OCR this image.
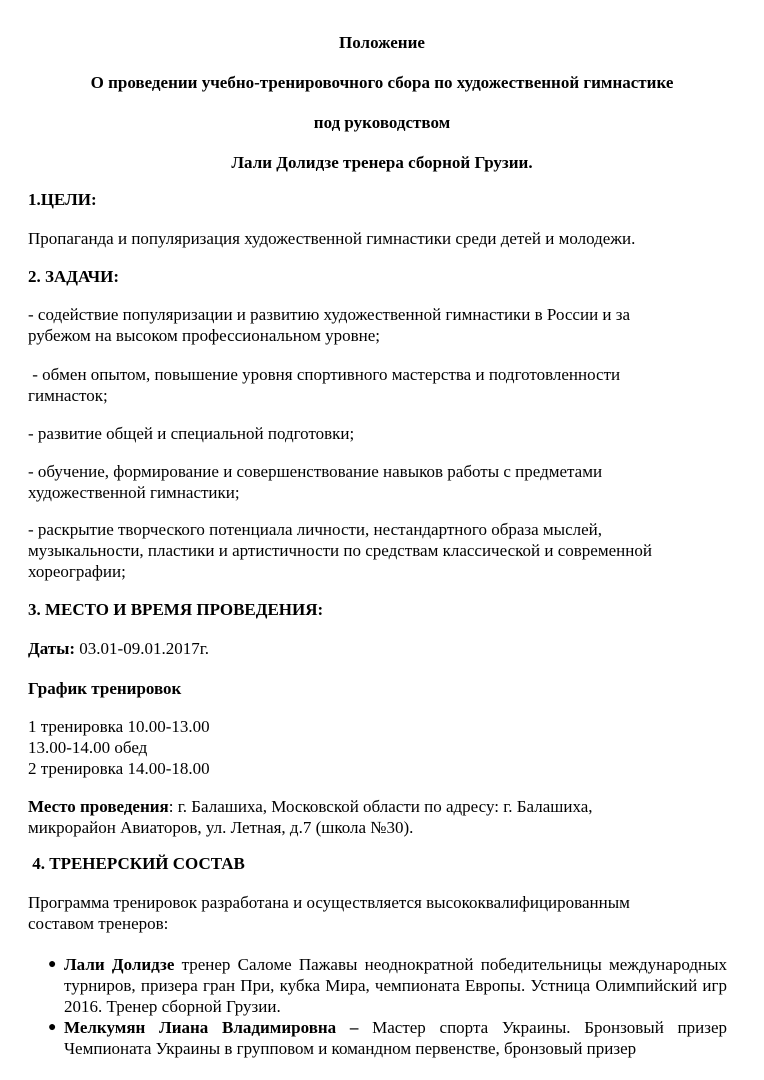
Положение
О проведении учебно-тренировочного сбора по художественной гимнастике
под руководством
Лали Долидзе тренера сборной Грузии.
1.ЦЕЛИ:
Пропаганда и популяризация художественной гимнастики среди детей и молодежи.
2. ЗАДАЧИ:
- содействие популяризации и развитию художественной гимнастики в России и за рубежом на высоком профессиональном уровне;
- обмен опытом, повышение уровня спортивного мастерства и подготовленности гимнасток;
- развитие общей и специальной подготовки;
- обучение, формирование и совершенствование навыков работы с предметами художественной гимнастики;
- раскрытие творческого потенциала личности, нестандартного образа мыслей, музыкальности, пластики и артистичности по средствам классической и современной хореографии;
3. МЕСТО И ВРЕМЯ ПРОВЕДЕНИЯ:
Даты: 03.01-09.01.2017г.
График тренировок
1 тренировка 10.00-13.00
13.00-14.00 обед
2 тренировка 14.00-18.00
Место проведения: г. Балашиха, Московской области по адресу: г. Балашиха, микрорайон Авиаторов, ул. Летная, д.7 (школа №30).
4. ТРЕНЕРСКИЙ СОСТАВ
Программа тренировок разработана и осуществляется высококвалифицированным составом тренеров:
● Лали Долидзе тренер Саломе Пажавы неоднократной победительницы международных турниров, призера гран При, кубка Мира, чемпионата Европы. Устница Олимпийский игр 2016. Тренер сборной Грузии.
● Мелкумян Лиана Владимировна – Мастер спорта Украины. Бронзовый призер Чемпионата Украины в групповом и командном первенстве, бронзовый призер
